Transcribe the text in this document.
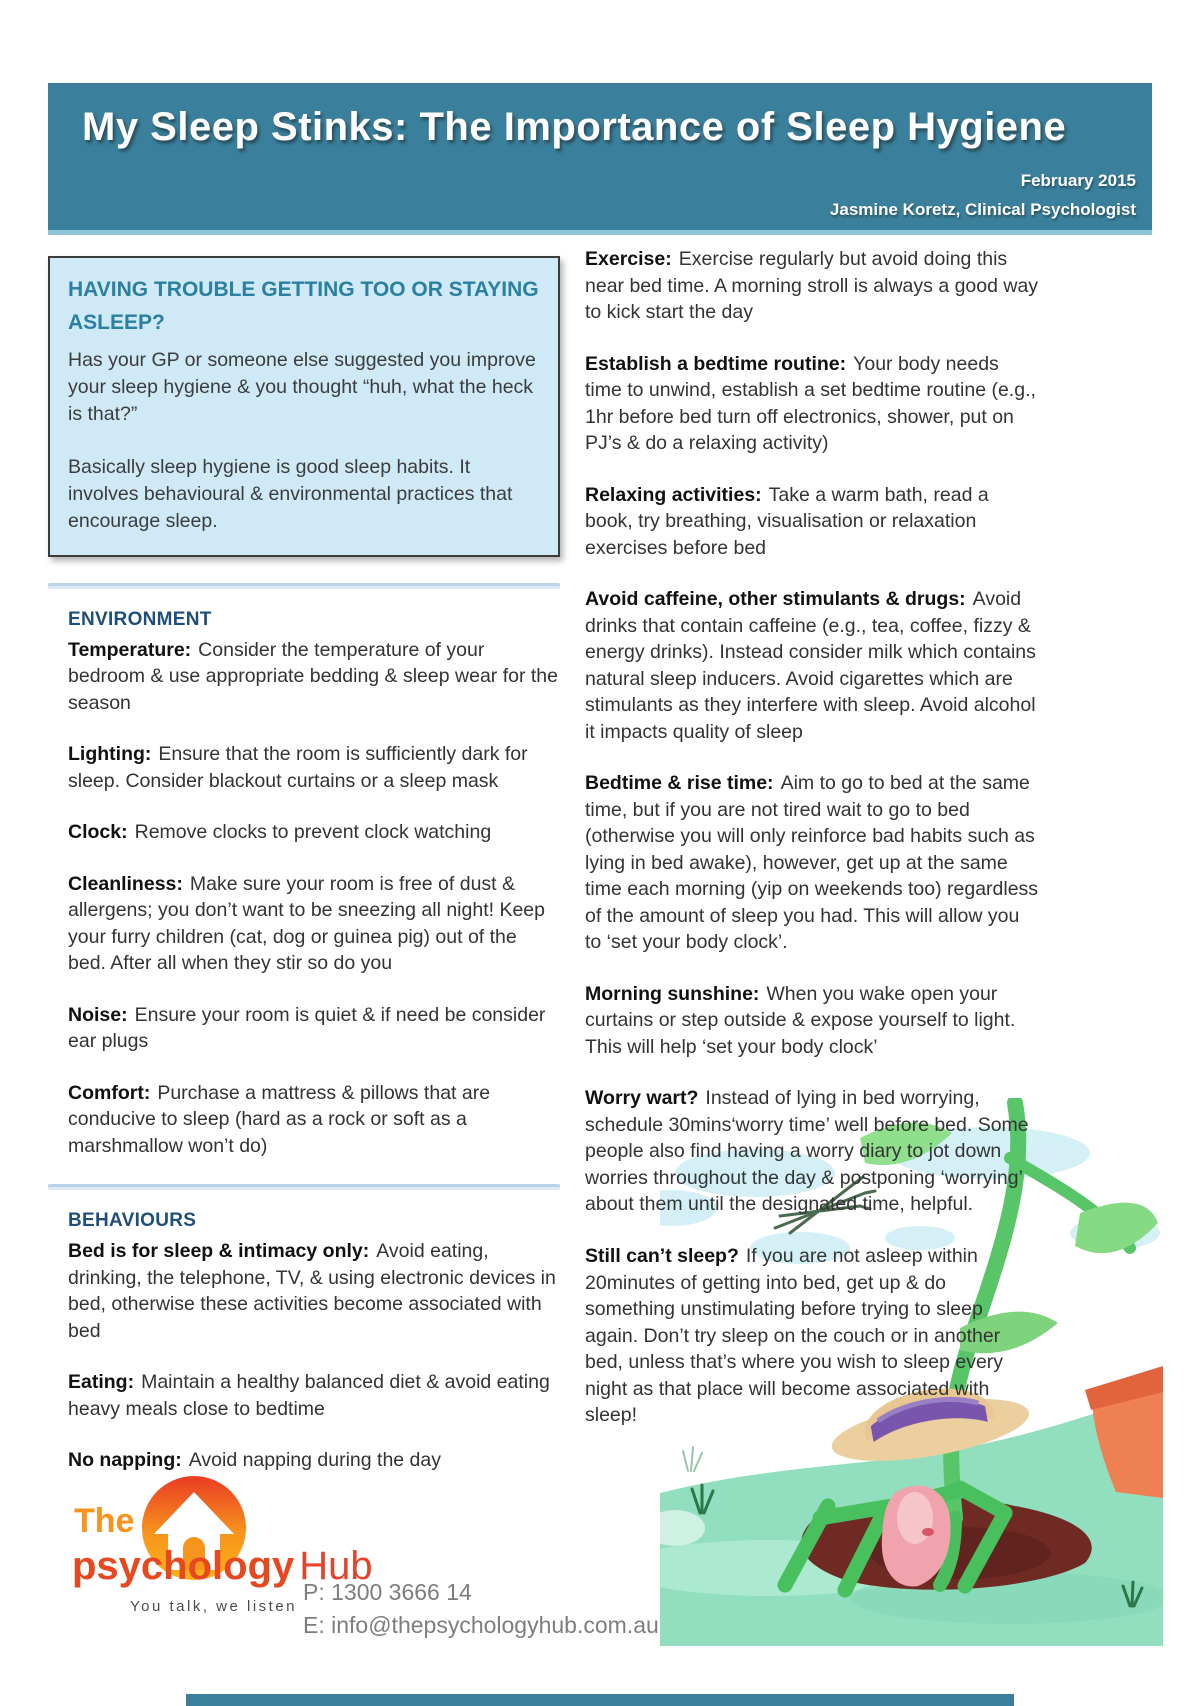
My Sleep Stinks: The Importance of Sleep Hygiene
February 2015
Jasmine Koretz, Clinical Psychologist
HAVING TROUBLE GETTING TOO OR STAYING ASLEEP?

Has your GP or someone else suggested you improve your sleep hygiene & you thought “huh, what the heck is that?”

Basically sleep hygiene is good sleep habits. It involves behavioural & environmental practices that encourage sleep.

ENVIRONMENT

Temperature: Consider the temperature of your bedroom & use appropriate bedding & sleep wear for the season

Lighting: Ensure that the room is sufficiently dark for sleep. Consider blackout curtains or a sleep mask

Clock: Remove clocks to prevent clock watching

Cleanliness: Make sure your room is free of dust & allergens; you don’t want to be sneezing all night! Keep your furry children (cat, dog or guinea pig) out of the bed. After all when they stir so do you

Noise: Ensure your room is quiet & if need be consider ear plugs

Comfort: Purchase a mattress & pillows that are conducive to sleep (hard as a rock or soft as a marshmallow won’t do)

BEHAVIOURS

Bed is for sleep & intimacy only: Avoid eating, drinking, the telephone, TV, & using electronic devices in bed, otherwise these activities become associated with bed

Eating: Maintain a healthy balanced diet & avoid eating heavy meals close to bedtime

No napping: Avoid napping during the day

Exercise: Exercise regularly but avoid doing this near bed time. A morning stroll is always a good way to kick start the day

Establish a bedtime routine: Your body needs time to unwind, establish a set bedtime routine (e.g., 1hr before bed turn off electronics, shower, put on PJ’s & do a relaxing activity)

Relaxing activities: Take a warm bath, read a book, try breathing, visualisation or relaxation exercises before bed

Avoid caffeine, other stimulants & drugs: Avoid drinks that contain caffeine (e.g., tea, coffee, fizzy & energy drinks). Instead consider milk which contains natural sleep inducers. Avoid cigarettes which are stimulants as they interfere with sleep. Avoid alcohol it impacts quality of sleep

Bedtime & rise time: Aim to go to bed at the same time, but if you are not tired wait to go to bed (otherwise you will only reinforce bad habits such as lying in bed awake), however, get up at the same time each morning (yip on weekends too) regardless of the amount of sleep you had. This will allow you to ‘set your body clock’.

Morning sunshine: When you wake open your curtains or step outside & expose yourself to light. This will help ‘set your body clock’

Worry wart? Instead of lying in bed worrying, schedule 30mins‘worry time’ well before bed. Some people also find having a worry diary to jot down worries throughout the day & postponing ‘worrying’ about them until the designated time, helpful.

Still can’t sleep? If you are not asleep within 20minutes of getting into bed, get up & do something unstimulating before trying to sleep again. Don’t try sleep on the couch or in another bed, unless that’s where you wish to sleep every night as that place will become associated with sleep!

The
psychology Hub
You talk, we listen
P: 1300 3666 14
E: info@thepsychologyhub.com.au
